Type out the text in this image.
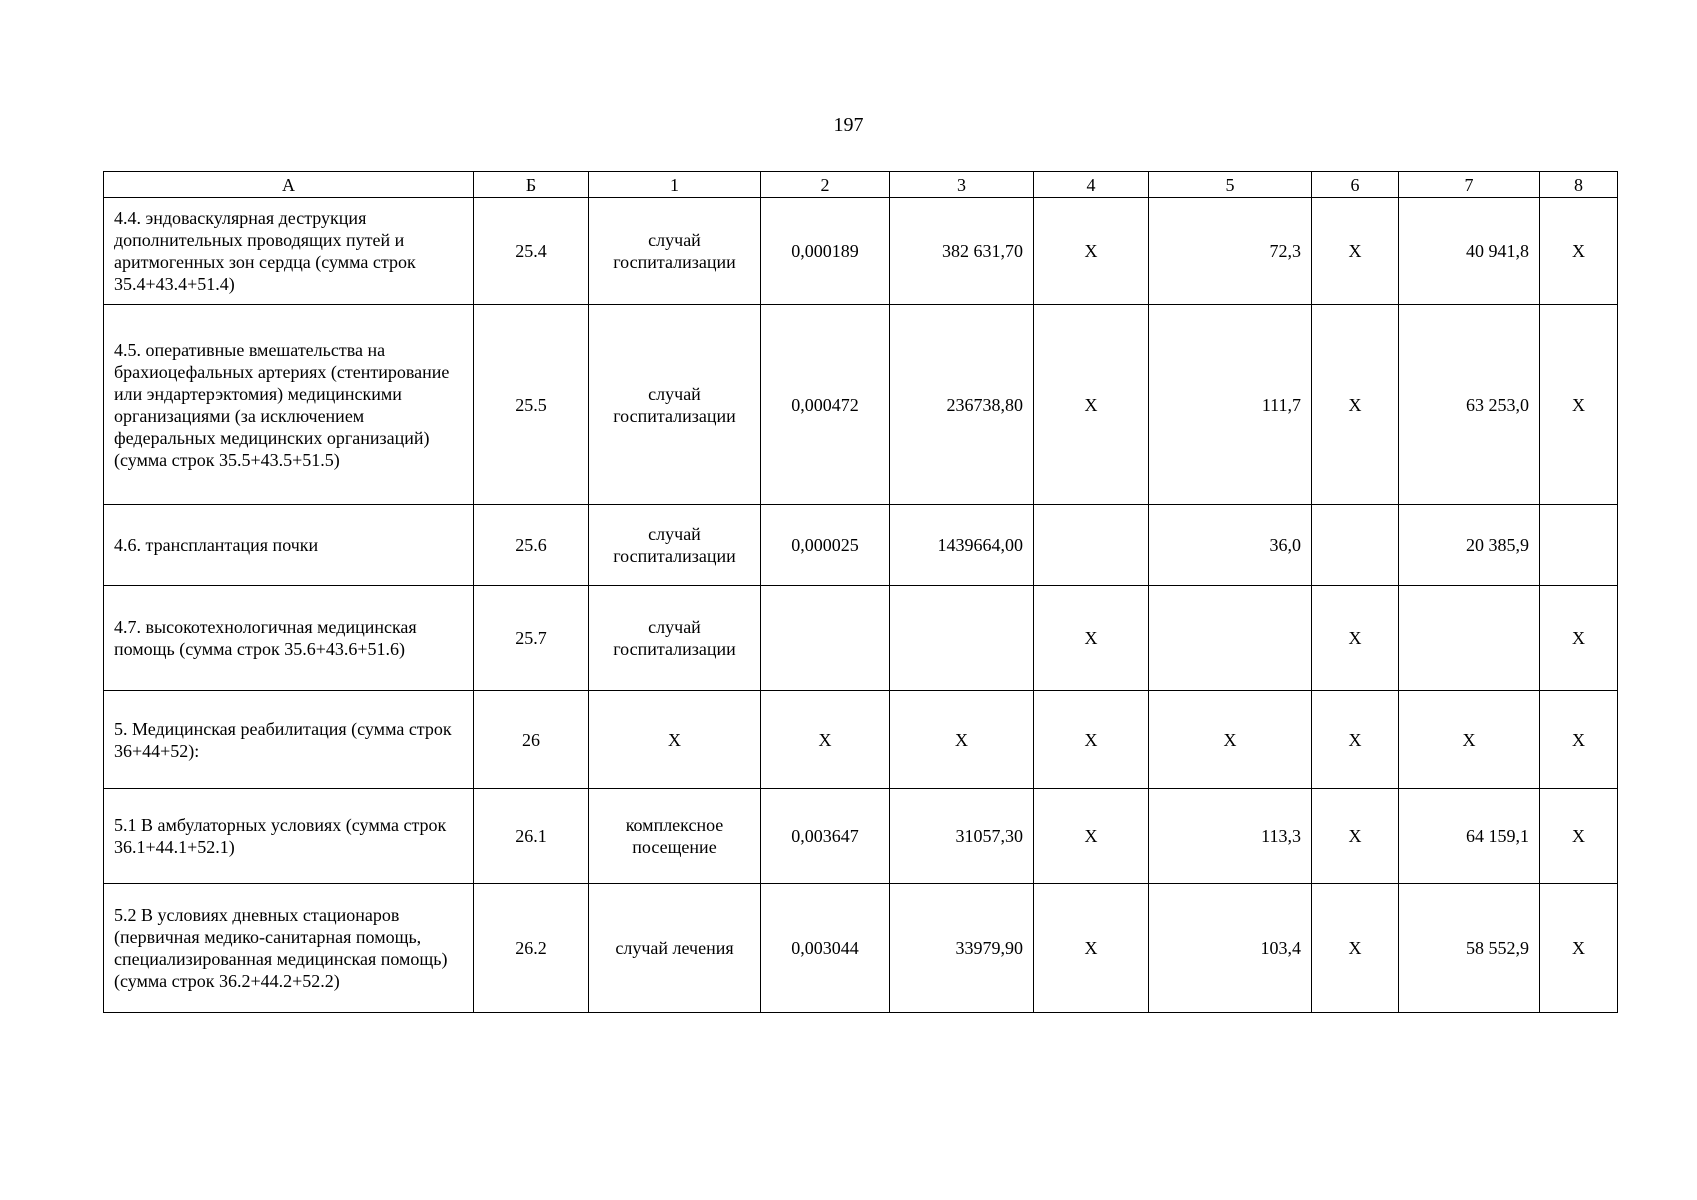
197
А	Б	1	2	3	4	5	6	7	8
4.4. эндоваскулярная деструкция дополнительных проводящих путей и аритмогенных зон сердца (сумма строк 35.4+43.4+51.4)	25.4	случай госпитализации	0,000189	382 631,70	Х	72,3	Х	40 941,8	Х
4.5. оперативные вмешательства на брахиоцефальных артериях (стентирование или эндартерэктомия) медицинскими организациями (за исключением федеральных медицинских организаций) (сумма строк 35.5+43.5+51.5)	25.5	случай госпитализации	0,000472	236738,80	Х	111,7	Х	63 253,0	Х
4.6. трансплантация почки	25.6	случай госпитализации	0,000025	1439664,00		36,0		20 385,9	
4.7. высокотехнологичная медицинская помощь (сумма строк 35.6+43.6+51.6)	25.7	случай госпитализации			Х		Х		Х
5. Медицинская реабилитация (сумма строк 36+44+52):	26	Х	Х	Х	Х	Х	Х	Х	Х
5.1 В амбулаторных условиях (сумма строк 36.1+44.1+52.1)	26.1	комплексное посещение	0,003647	31057,30	Х	113,3	Х	64 159,1	Х
5.2 В условиях дневных стационаров (первичная медико-санитарная помощь, специализированная медицинская помощь) (сумма строк 36.2+44.2+52.2)	26.2	случай лечения	0,003044	33979,90	Х	103,4	Х	58 552,9	Х
